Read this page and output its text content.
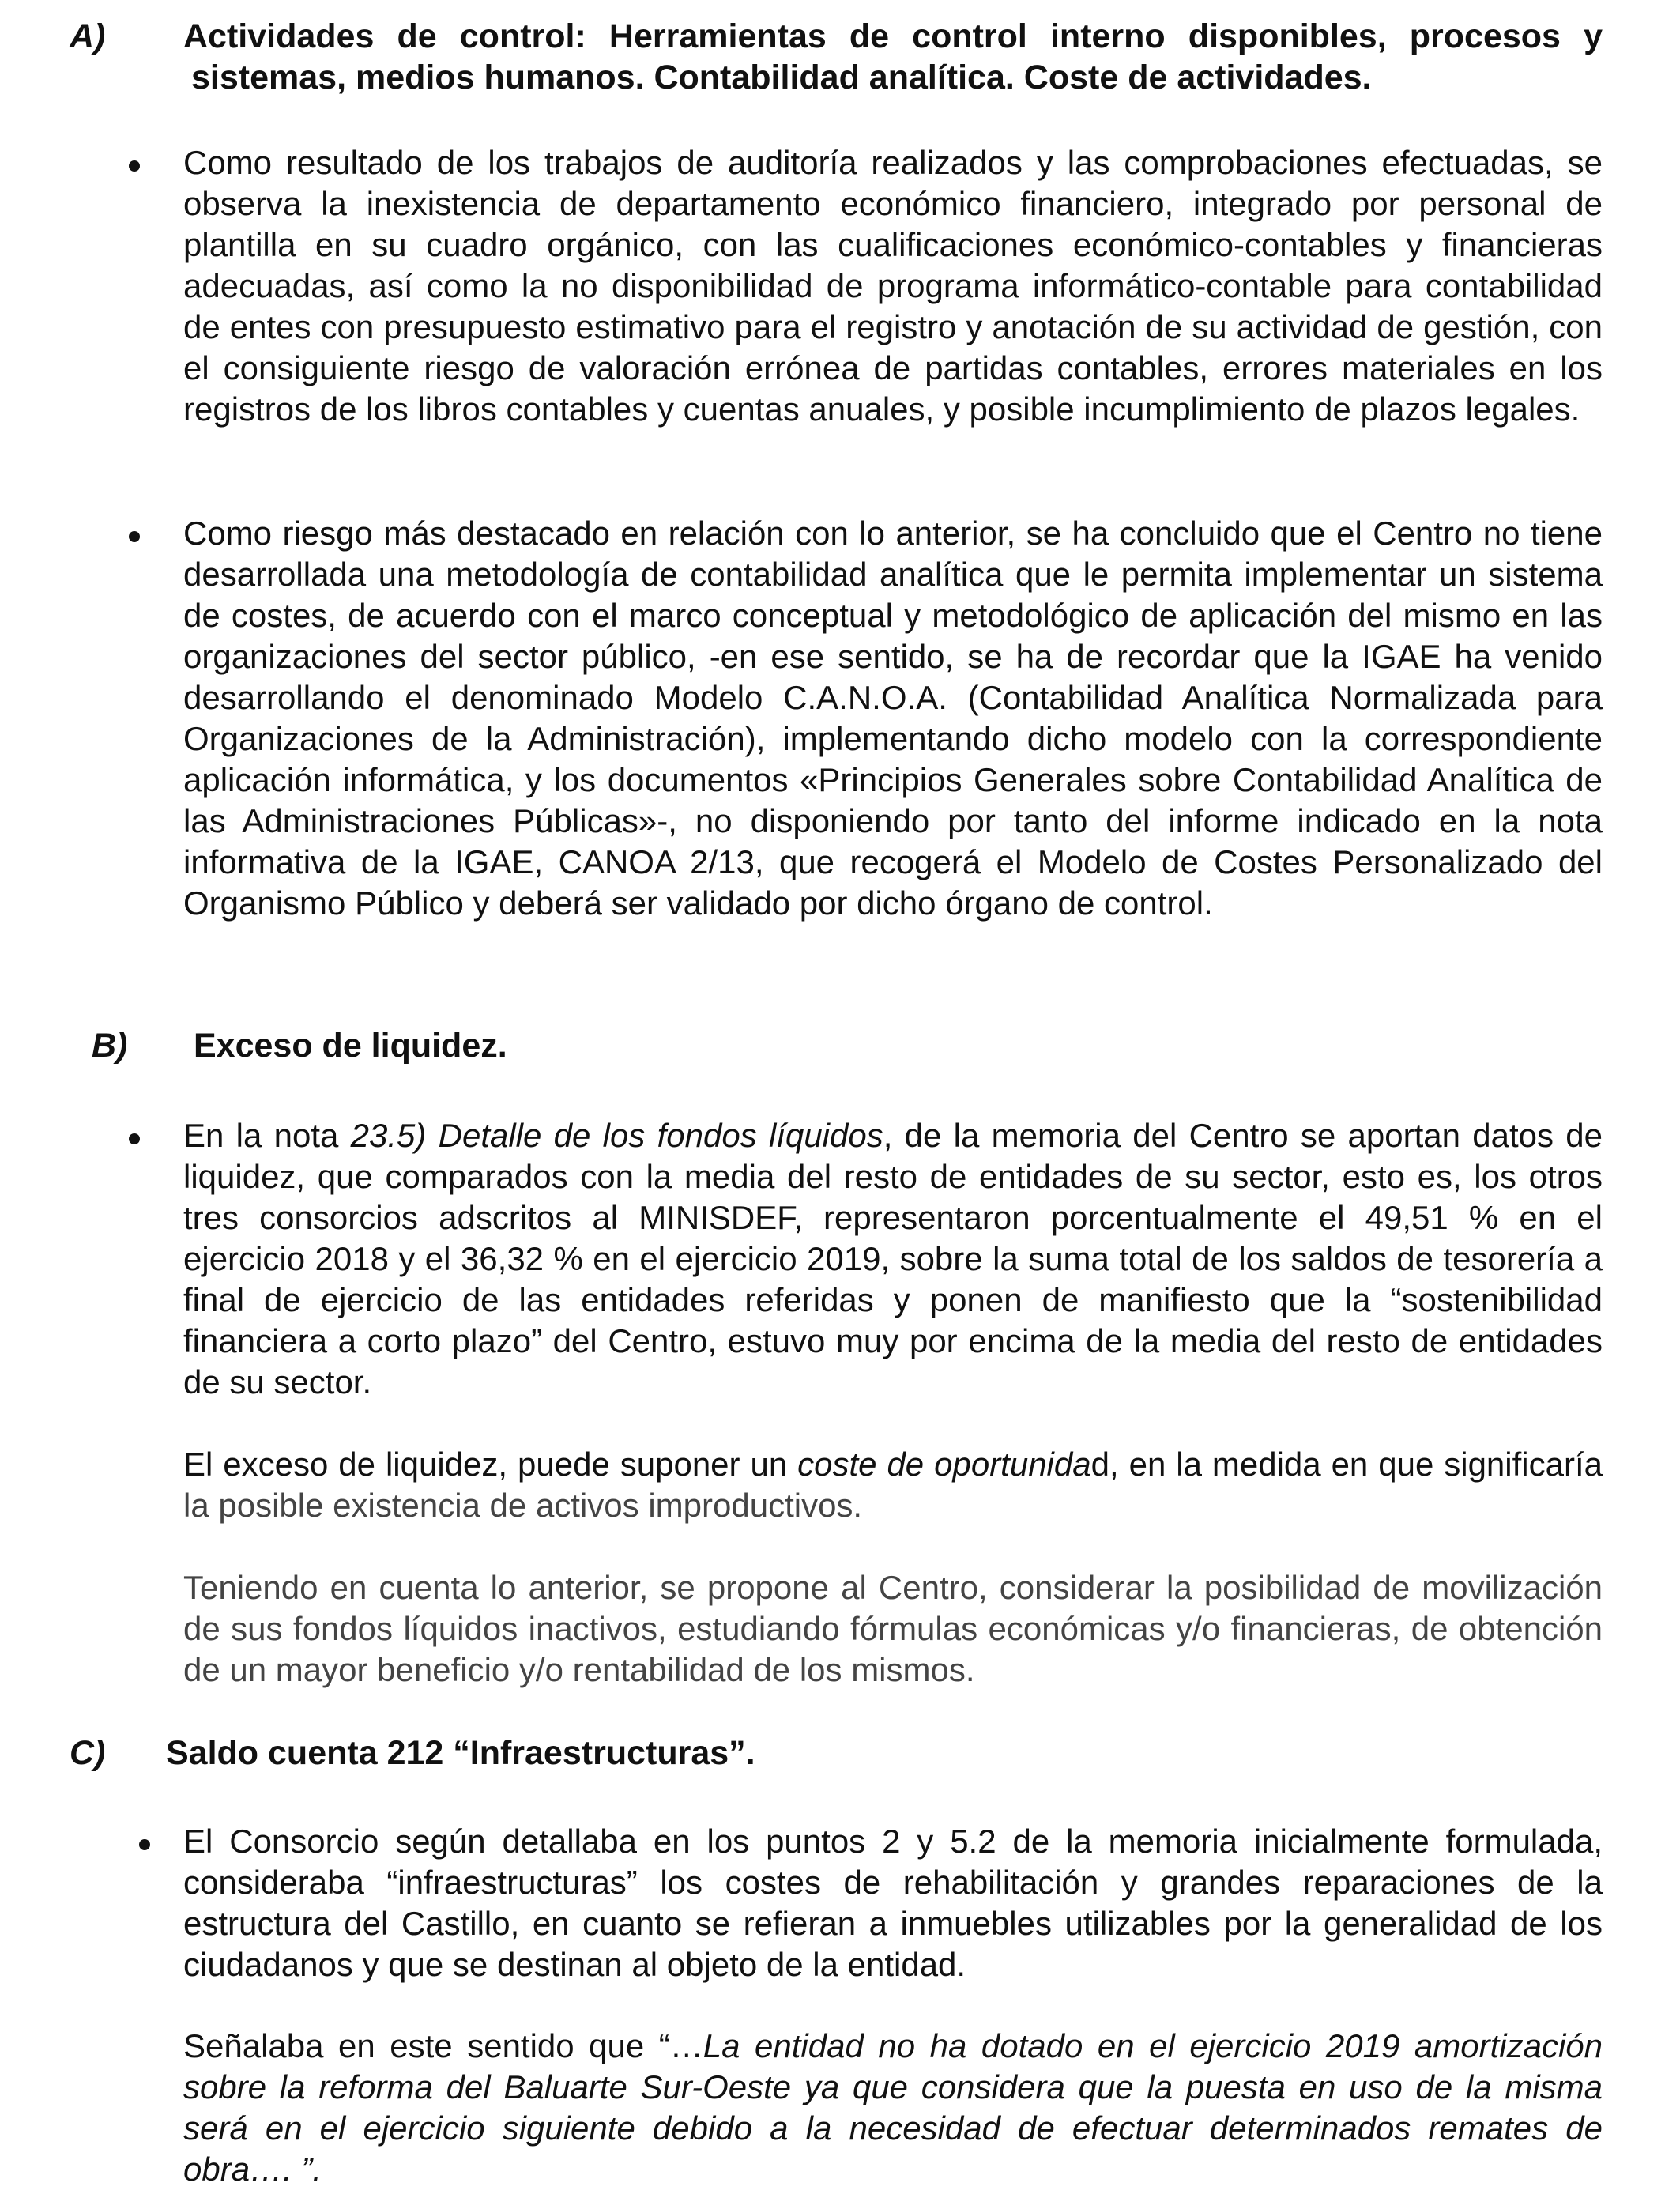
A) Actividades de control: Herramientas de control interno disponibles, procesos y
sistemas, medios humanos. Contabilidad analítica. Coste de actividades.
Como resultado de los trabajos de auditoría realizados y las comprobaciones efectuadas, se observa la inexistencia de departamento económico financiero, integrado por personal de plantilla en su cuadro orgánico, con las cualificaciones económico-contables y financieras adecuadas, así como la no disponibilidad de programa informático-contable para contabilidad de entes con presupuesto estimativo para el registro y anotación de su actividad de gestión, con el consiguiente riesgo de valoración errónea de partidas contables, errores materiales en los registros de los libros contables y cuentas anuales, y posible incumplimiento de plazos legales.
Como riesgo más destacado en relación con lo anterior, se ha concluido que el Centro no tiene desarrollada una metodología de contabilidad analítica que le permita implementar un sistema de costes, de acuerdo con el marco conceptual y metodológico de aplicación del mismo en las organizaciones del sector público, -en ese sentido, se ha de recordar que la IGAE ha venido desarrollando el denominado Modelo C.A.N.O.A. (Contabilidad Analítica Normalizada para Organizaciones de la Administración), implementando dicho modelo con la correspondiente aplicación informática, y los documentos «Principios Generales sobre Contabilidad Analítica de las Administraciones Públicas»-, no disponiendo por tanto del informe indicado en la nota informativa de la IGAE, CANOA 2/13, que recogerá el Modelo de Costes Personalizado del Organismo Público y deberá ser validado por dicho órgano de control.
B) Exceso de liquidez.
En la nota 23.5) Detalle de los fondos líquidos, de la memoria del Centro se aportan datos de liquidez, que comparados con la media del resto de entidades de su sector, esto es, los otros tres consorcios adscritos al MINISDEF, representaron porcentualmente el 49,51 % en el ejercicio 2018 y el 36,32 % en el ejercicio 2019, sobre la suma total de los saldos de tesorería a final de ejercicio de las entidades referidas y ponen de manifiesto que la “sostenibilidad financiera a corto plazo” del Centro, estuvo muy por encima de la media del resto de entidades de su sector.
El exceso de liquidez, puede suponer un coste de oportunidad, en la medida en que significaría la posible existencia de activos improductivos.
Teniendo en cuenta lo anterior, se propone al Centro, considerar la posibilidad de movilización de sus fondos líquidos inactivos, estudiando fórmulas económicas y/o financieras, de obtención de un mayor beneficio y/o rentabilidad de los mismos.
C) Saldo cuenta 212 “Infraestructuras”.
El Consorcio según detallaba en los puntos 2 y 5.2 de la memoria inicialmente formulada, consideraba “infraestructuras” los costes de rehabilitación y grandes reparaciones de la estructura del Castillo, en cuanto se refieran a inmuebles utilizables por la generalidad de los ciudadanos y que se destinan al objeto de la entidad.
Señalaba en este sentido que “…La entidad no ha dotado en el ejercicio 2019 amortización sobre la reforma del Baluarte Sur-Oeste ya que considera que la puesta en uso de la misma será en el ejercicio siguiente debido a la necesidad de efectuar determinados remates de obra…. ”.
